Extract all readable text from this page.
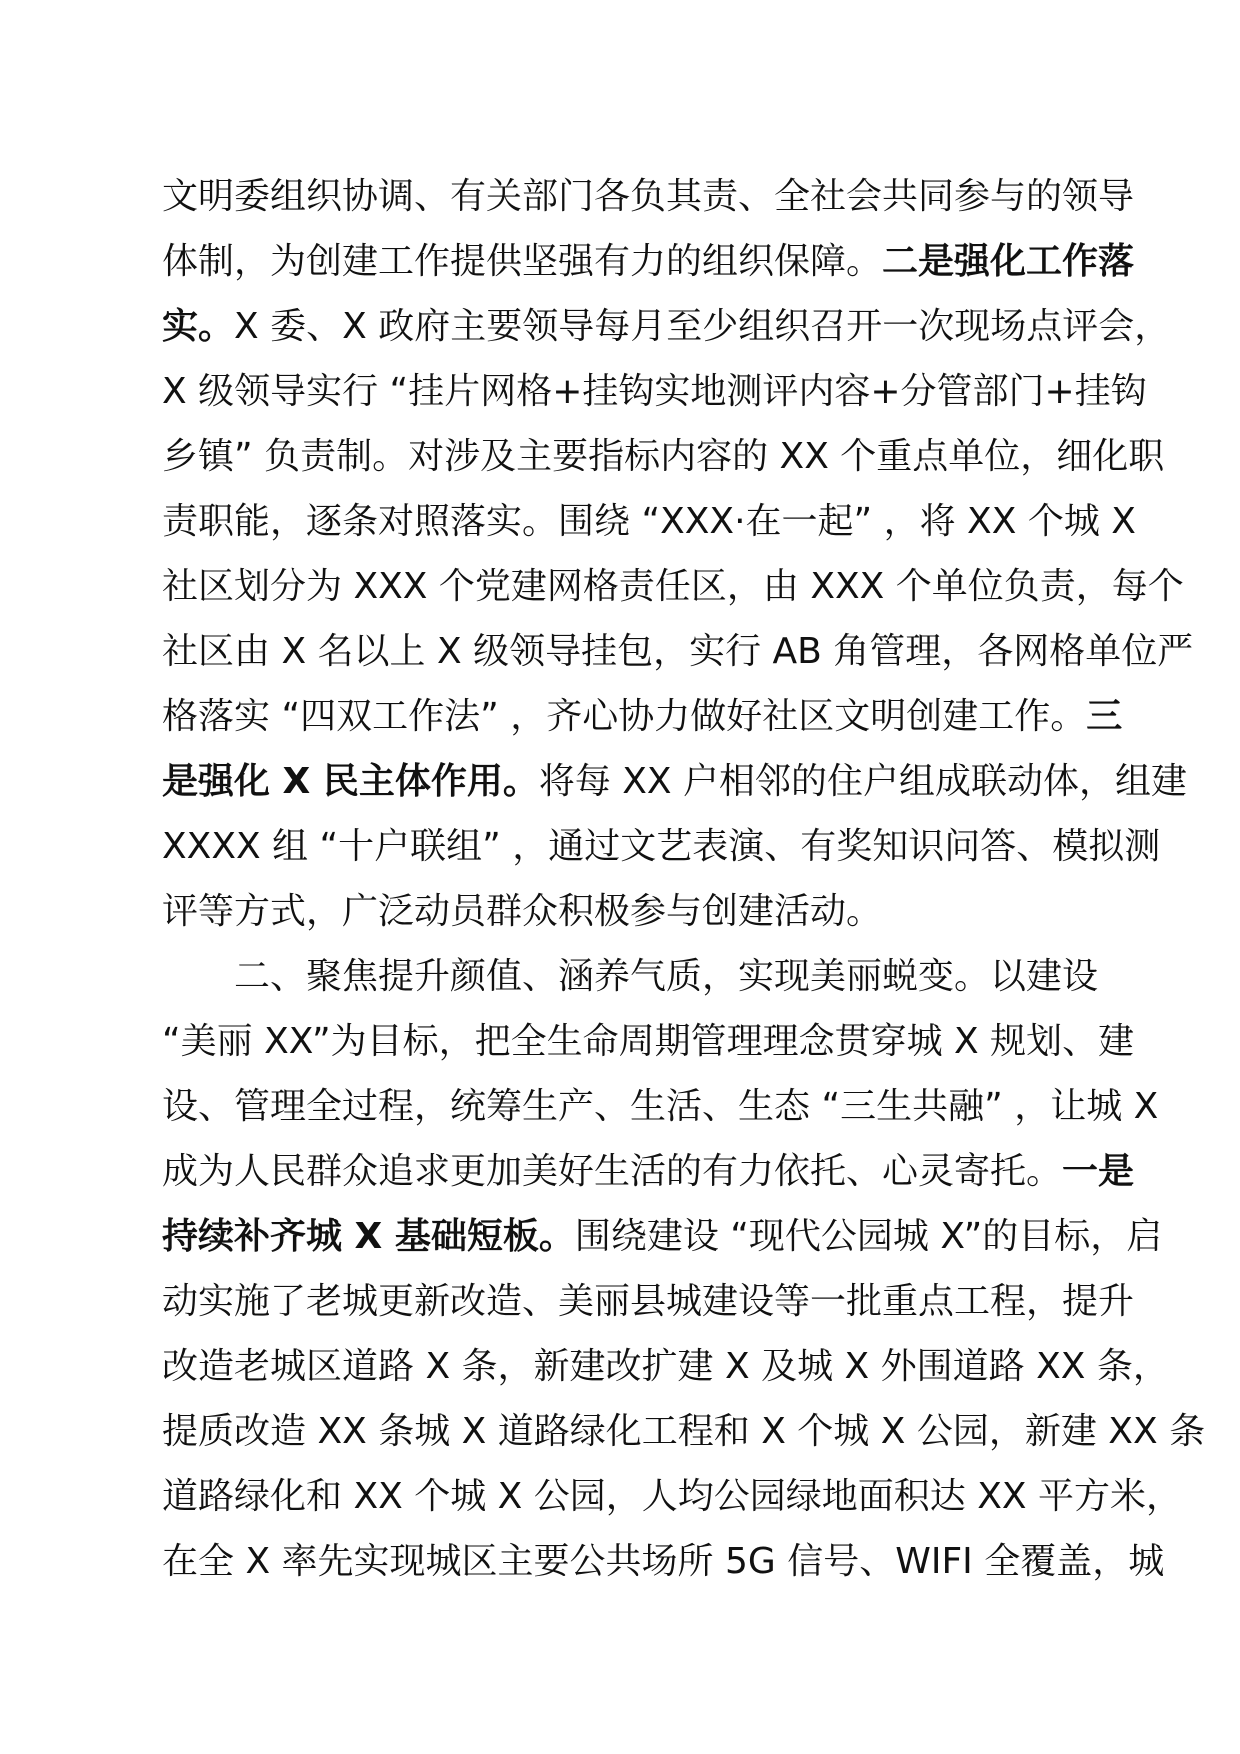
文明委组织协调、有关部门各负其责、全社会共同参与的领导
体制，为创建工作提供坚强有力的组织保障。二是强化工作落
实。X 委、X 政府主要领导每月至少组织召开一次现场点评会，
X 级领导实行 “挂片网格+挂钩实地测评内容+分管部门+挂钩
乡镇” 负责制。对涉及主要指标内容的 XX 个重点单位，细化职
责职能，逐条对照落实。围绕 “XXX·在一起” ，将 XX 个城 X
社区划分为 XXX 个党建网格责任区，由 XXX 个单位负责，每个
社区由 X 名以上 X 级领导挂包，实行 AB 角管理，各网格单位严
格落实 “四双工作法” ，齐心协力做好社区文明创建工作。三
是强化 X 民主体作用。将每 XX 户相邻的住户组成联动体，组建
XXXX 组 “十户联组” ，通过文艺表演、有奖知识问答、模拟测
评等方式，广泛动员群众积极参与创建活动。
二、聚焦提升颜值、涵养气质，实现美丽蜕变。以建设
“美丽 XX”为目标，把全生命周期管理理念贯穿城 X 规划、建
设、管理全过程，统筹生产、生活、生态 “三生共融” ，让城 X
成为人民群众追求更加美好生活的有力依托、心灵寄托。一是
持续补齐城 X 基础短板。围绕建设 “现代公园城 X”的目标，启
动实施了老城更新改造、美丽县城建设等一批重点工程，提升
改造老城区道路 X 条，新建改扩建 X 及城 X 外围道路 XX 条，
提质改造 XX 条城 X 道路绿化工程和 X 个城 X 公园，新建 XX 条
道路绿化和 XX 个城 X 公园，人均公园绿地面积达 XX 平方米，
在全 X 率先实现城区主要公共场所 5G 信号、WIFI 全覆盖，城
